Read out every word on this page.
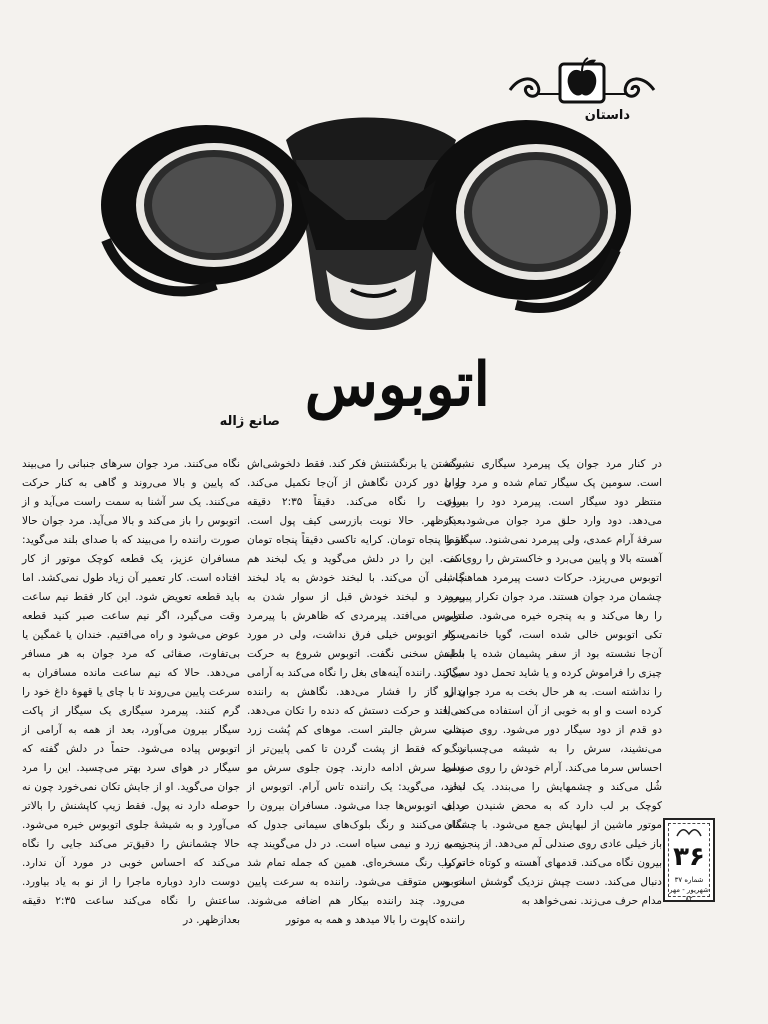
داستان
اتوبوس
صانع ژاله

در کنار مرد جوان یک پیرمرد سیگاری نشسته است. سومین پک سیگار تمام شده و مرد جوان منتظر دود سیگار است. پیرمرد دود را بیرون می‌دهد. دود وارد حلق مرد جوان می‌شود. یک سرفهٔ آرام عمدی، ولی پیرمرد نمی‌شنود. سیگار را آهسته بالا و پایین می‌برد و خاکسترش را روی کف اتوبوس می‌ریزد. حرکات دست پیرمرد هماهنگ با چشمان مرد جوان هستند. مرد جوان تکرار پیرمرد را رها می‌کند و به پنجره خیره می‌شود. صندلی تکی اتوبوس خالی شده است، گویا خانمی که آن‌جا نشسته بود از سفر پشیمان شده یا شاید چیزی را فراموش کرده و یا شاید تحمل دود سیگار را نداشته است. به هر حال بخت به مرد جوان رو کرده است و او به خوبی از آن استفاده می‌کند. با دو قدم از دود سیگار دور می‌شود. روی صندلی می‌نشیند، سرش را به شیشه می‌چسباند و احساس سرما می‌کند. آرام خودش را روی صندلی شُل می‌کند و چشمهایش را می‌بندد. یک لبخند کوچک بر لب دارد که به محض شنیدن صدای موتور ماشین از لبهایش جمع می‌شود. با چشمان باز خیلی عادی روی صندلی لَم می‌دهد. از پنجره به بیرون نگاه می‌کند. قدمهای آهسته و کوتاه خانم را دنبال می‌کند. دست چپش نزدیک گوشش است و مدام حرف می‌زند. نمی‌خواهد به

برگشتن یا برنگشتنش فکر کند. فقط دلخوشی‌اش را با دور کردن نگاهش از آن‌جا تکمیل می‌کند. ساعت را نگاه می‌کند. دقیقاً ۲:۳۵ دقیقه بعدازظهر. حالا نوبت بازرسی کیف پول است. فقط پنجاه تومان. کرایه تاکسی دقیقاً پنجاه تومان است. این را در دلش می‌گوید و یک لبخند هم چاشنی آن می‌کند. با لبخند خودش به یاد لبخند پیرمرد و لبخند خودش قبل از سوار شدن به اتوبوس می‌افتد. پیرمردی که ظاهرش با پیرمرد سوار اتوبوس خیلی فرق نداشت، ولی در مورد باطنش سخنی نگفت. اتوبوس شروع به حرکت می‌کند. راننده آینه‌های بغل را نگاه می‌کند به آرامی پدال گاز را فشار می‌دهد. نگاهش به راننده می‌افتد و حرکت دستش که دنده را تکان می‌دهد. پشت سرش جالبتر است. موهای کم پُشت زرد رنگ که فقط از پشت گردن تا کمی پایین‌تر از وسط سرش ادامه دارند. چون جلوی سرش مو ندارد، می‌گوید: یک راننده تاس آرام. اتوبوس از ردیف اتوبوس‌ها جدا می‌شود. مسافران بیرون را نگاه می‌کنند و رنگ بلوک‌های سیمانی جدول که نیمی زرد و نیمی سیاه است. در دل می‌گویند چه ترکیب رنگ مسخره‌ای. همین که جمله تمام شد اتوبوس متوقف می‌شود. راننده به سرعت پایین می‌رود. چند راننده بیکار هم اضافه می‌شوند. راننده کاپوت را بالا میدهد و همه به موتور

نگاه می‌کنند. مرد جوان سرهای جنبانی را می‌بیند که پایین و بالا می‌روند و گاهی به کنار حرکت می‌کنند. یک سر آشنا به سمت راست می‌آید و از اتوبوس را باز می‌کند و بالا می‌آید. مرد جوان حالا صورت راننده را می‌بیند که با صدای بلند می‌گوید: مسافران عزیز، یک قطعه کوچک موتور از کار افتاده است. کار تعمیر آن زیاد طول نمی‌کشد. اما باید قطعه تعویض شود. این کار فقط نیم ساعت وقت می‌گیرد، اگر نیم ساعت صبر کنید قطعه عوض می‌شود و راه می‌افتیم. خندان یا غمگین یا بی‌تفاوت، صفائی که مرد جوان به هر مسافر می‌دهد. حالا که نیم ساعت مانده مسافران به سرعت پایین می‌روند تا با چای یا قهوهٔ داغ خود را گرم کنند. پیرمرد سیگاری یک سیگار از پاکت سیگار بیرون می‌آورد، بعد از همه به آرامی از اتوبوس پیاده می‌شود. حتماً در دلش گفته که سیگار در هوای سرد بهتر می‌چسبد. این را مرد جوان می‌گوید. او از جایش تکان نمی‌خورد چون نه حوصله دارد نه پول. فقط زیپ کاپشنش را بالاتر می‌آورد و به شیشهٔ جلوی اتوبوس خیره می‌شود. حالا چشمانش را دقیق‌تر می‌کند جایی را نگاه می‌کند که احساس خوبی در مورد آن ندارد. دوست دارد دوباره ماجرا را از نو به یاد بیاورد. ساعتش را نگاه می‌کند ساعت ۲:۳۵ دقیقه بعدازظهر. در

۳۶
شماره ۳۷
شهریور - مهر ۸۲
